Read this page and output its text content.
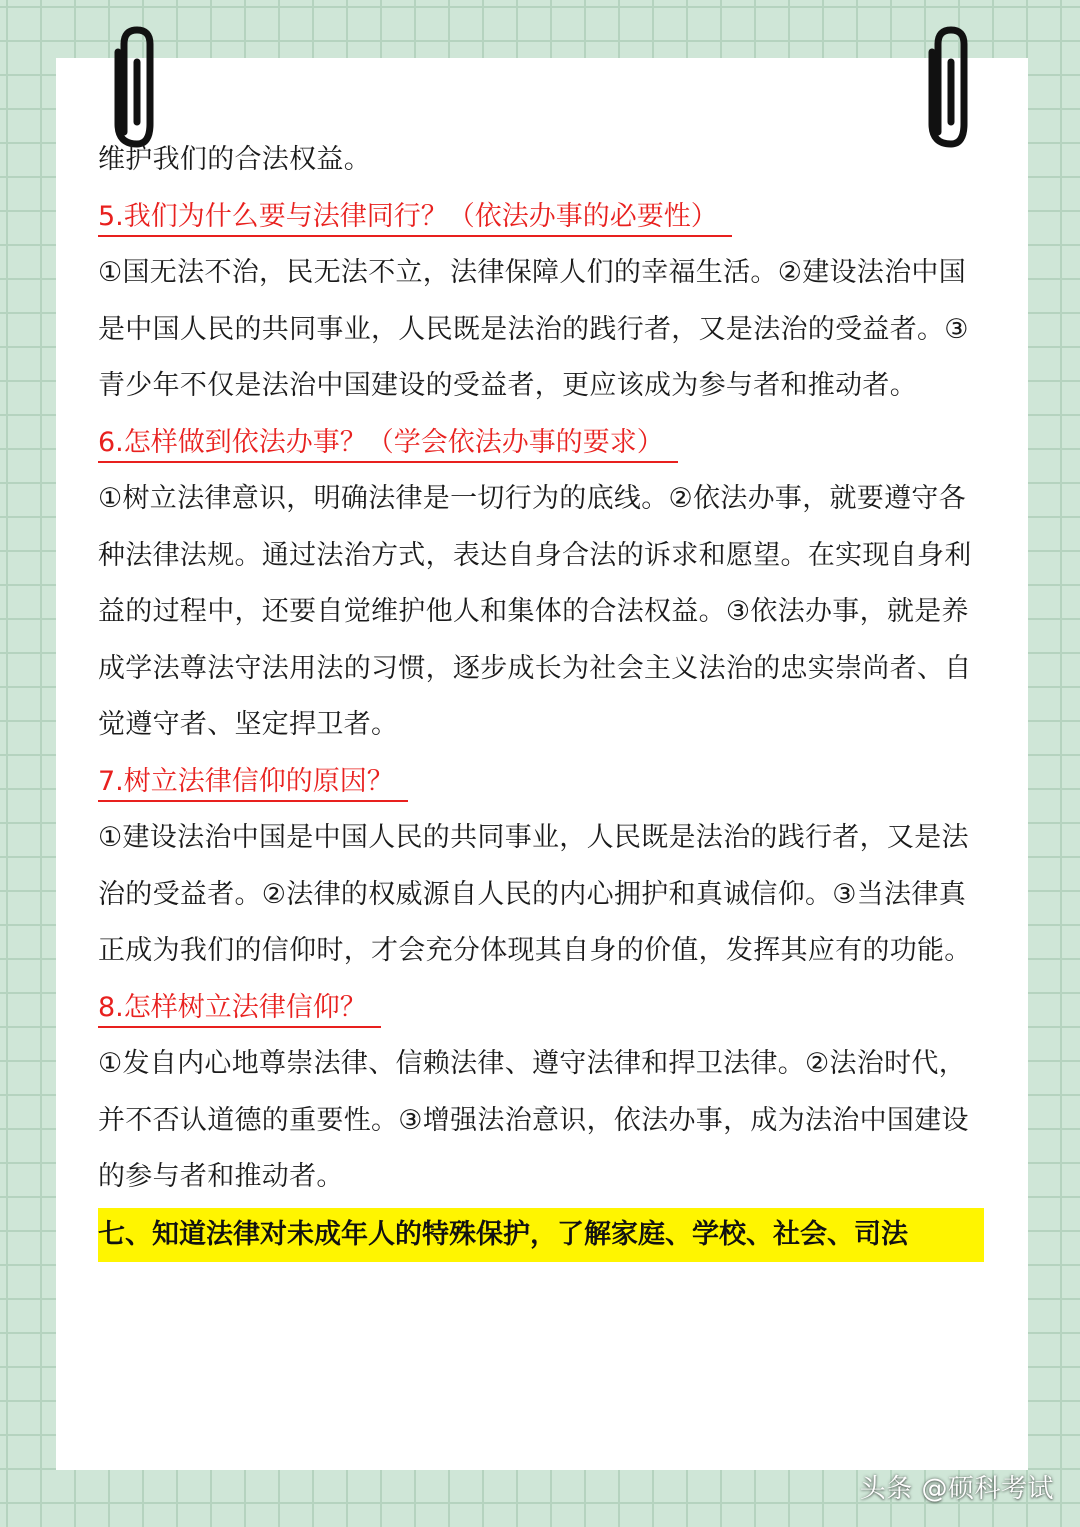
维护我们的合法权益。

5.我们为什么要与法律同行？（依法办事的必要性）

①国无法不治，民无法不立，法律保障人们的幸福生活。②建设法治中国是中国人民的共同事业，人民既是法治的践行者，又是法治的受益者。③青少年不仅是法治中国建设的受益者，更应该成为参与者和推动者。

6.怎样做到依法办事？（学会依法办事的要求）

①树立法律意识，明确法律是一切行为的底线。②依法办事，就要遵守各种法律法规。通过法治方式，表达自身合法的诉求和愿望。在实现自身利益的过程中，还要自觉维护他人和集体的合法权益。③依法办事，就是养成学法尊法守法用法的习惯，逐步成长为社会主义法治的忠实崇尚者、自觉遵守者、坚定捍卫者。

7.树立法律信仰的原因？

①建设法治中国是中国人民的共同事业，人民既是法治的践行者，又是法治的受益者。②法律的权威源自人民的内心拥护和真诚信仰。③当法律真正成为我们的信仰时，才会充分体现其自身的价值，发挥其应有的功能。

8.怎样树立法律信仰？

①发自内心地尊崇法律、信赖法律、遵守法律和捍卫法律。②法治时代，并不否认道德的重要性。③增强法治意识，依法办事，成为法治中国建设的参与者和推动者。

七、知道法律对未成年人的特殊保护，了解家庭、学校、社会、司法

头条 @硕科考试
